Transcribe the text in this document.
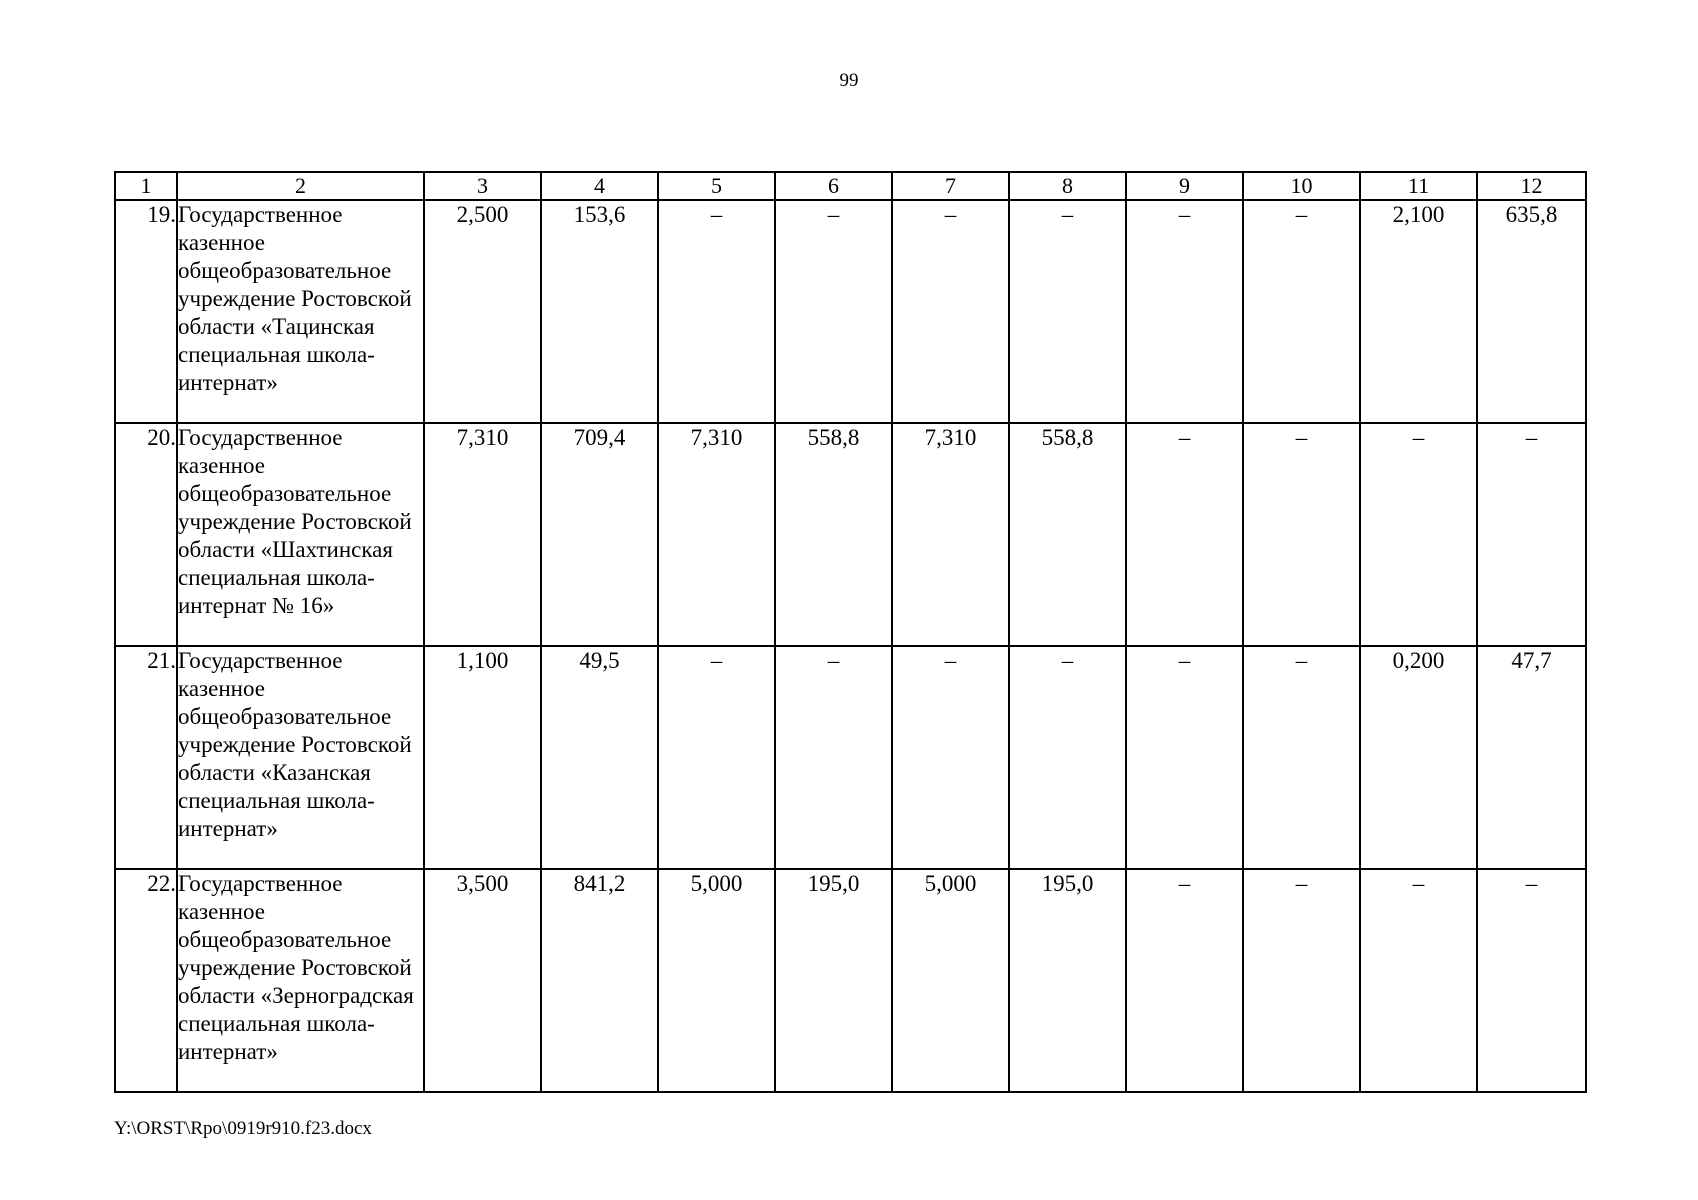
99
1	2	3	4	5	6	7	8	9	10	11	12
19.	Государственное казенное общеобразовательное учреждение Ростовской области «Тацинская специальная школа-интернат»	2,500	153,6	–	–	–	–	–	–	2,100	635,8
20.	Государственное казенное общеобразовательное учреждение Ростовской области «Шахтинская специальная школа-интернат № 16»	7,310	709,4	7,310	558,8	7,310	558,8	–	–	–	–
21.	Государственное казенное общеобразовательное учреждение Ростовской области «Казанская специальная школа-интернат»	1,100	49,5	–	–	–	–	–	–	0,200	47,7
22.	Государственное казенное общеобразовательное учреждение Ростовской области «Зерноградская специальная школа-интернат»	3,500	841,2	5,000	195,0	5,000	195,0	–	–	–	–
Y:\ORST\Rpo\0919r910.f23.docx
